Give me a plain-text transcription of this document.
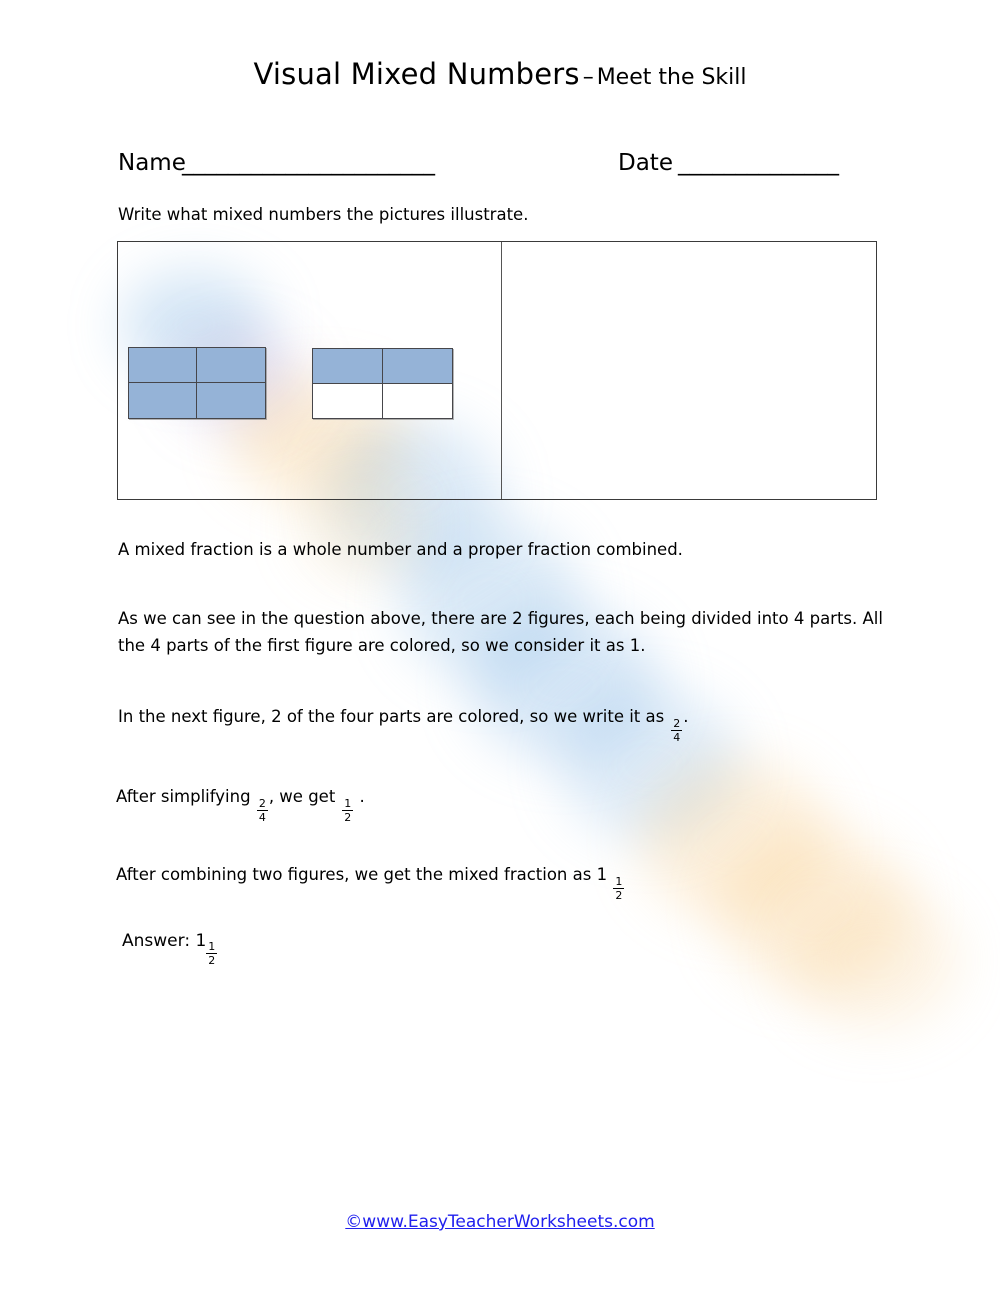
Visual Mixed Numbers – Meet the Skill
Name
______________________	Date ______________
Write what mixed numbers the pictures illustrate.
A mixed fraction is a whole number and a proper fraction combined.
As we can see in the question above, there are 2 figures, each being divided into 4 parts. All the 4 parts of the first figure are colored, so we consider it as 1.
In the next figure, 2 of the four parts are colored, so we write it as
$\frac{2}{4}$
.
After simplifying
$\frac{2}{4}$
, we get
$\frac{1}{2}$
.
After combining two figures, we get the mixed fraction as 1
$\frac{1}{2}$
Answer: 1
$\frac{1}{2}$
©www.EasyTeacherWorksheets.com
